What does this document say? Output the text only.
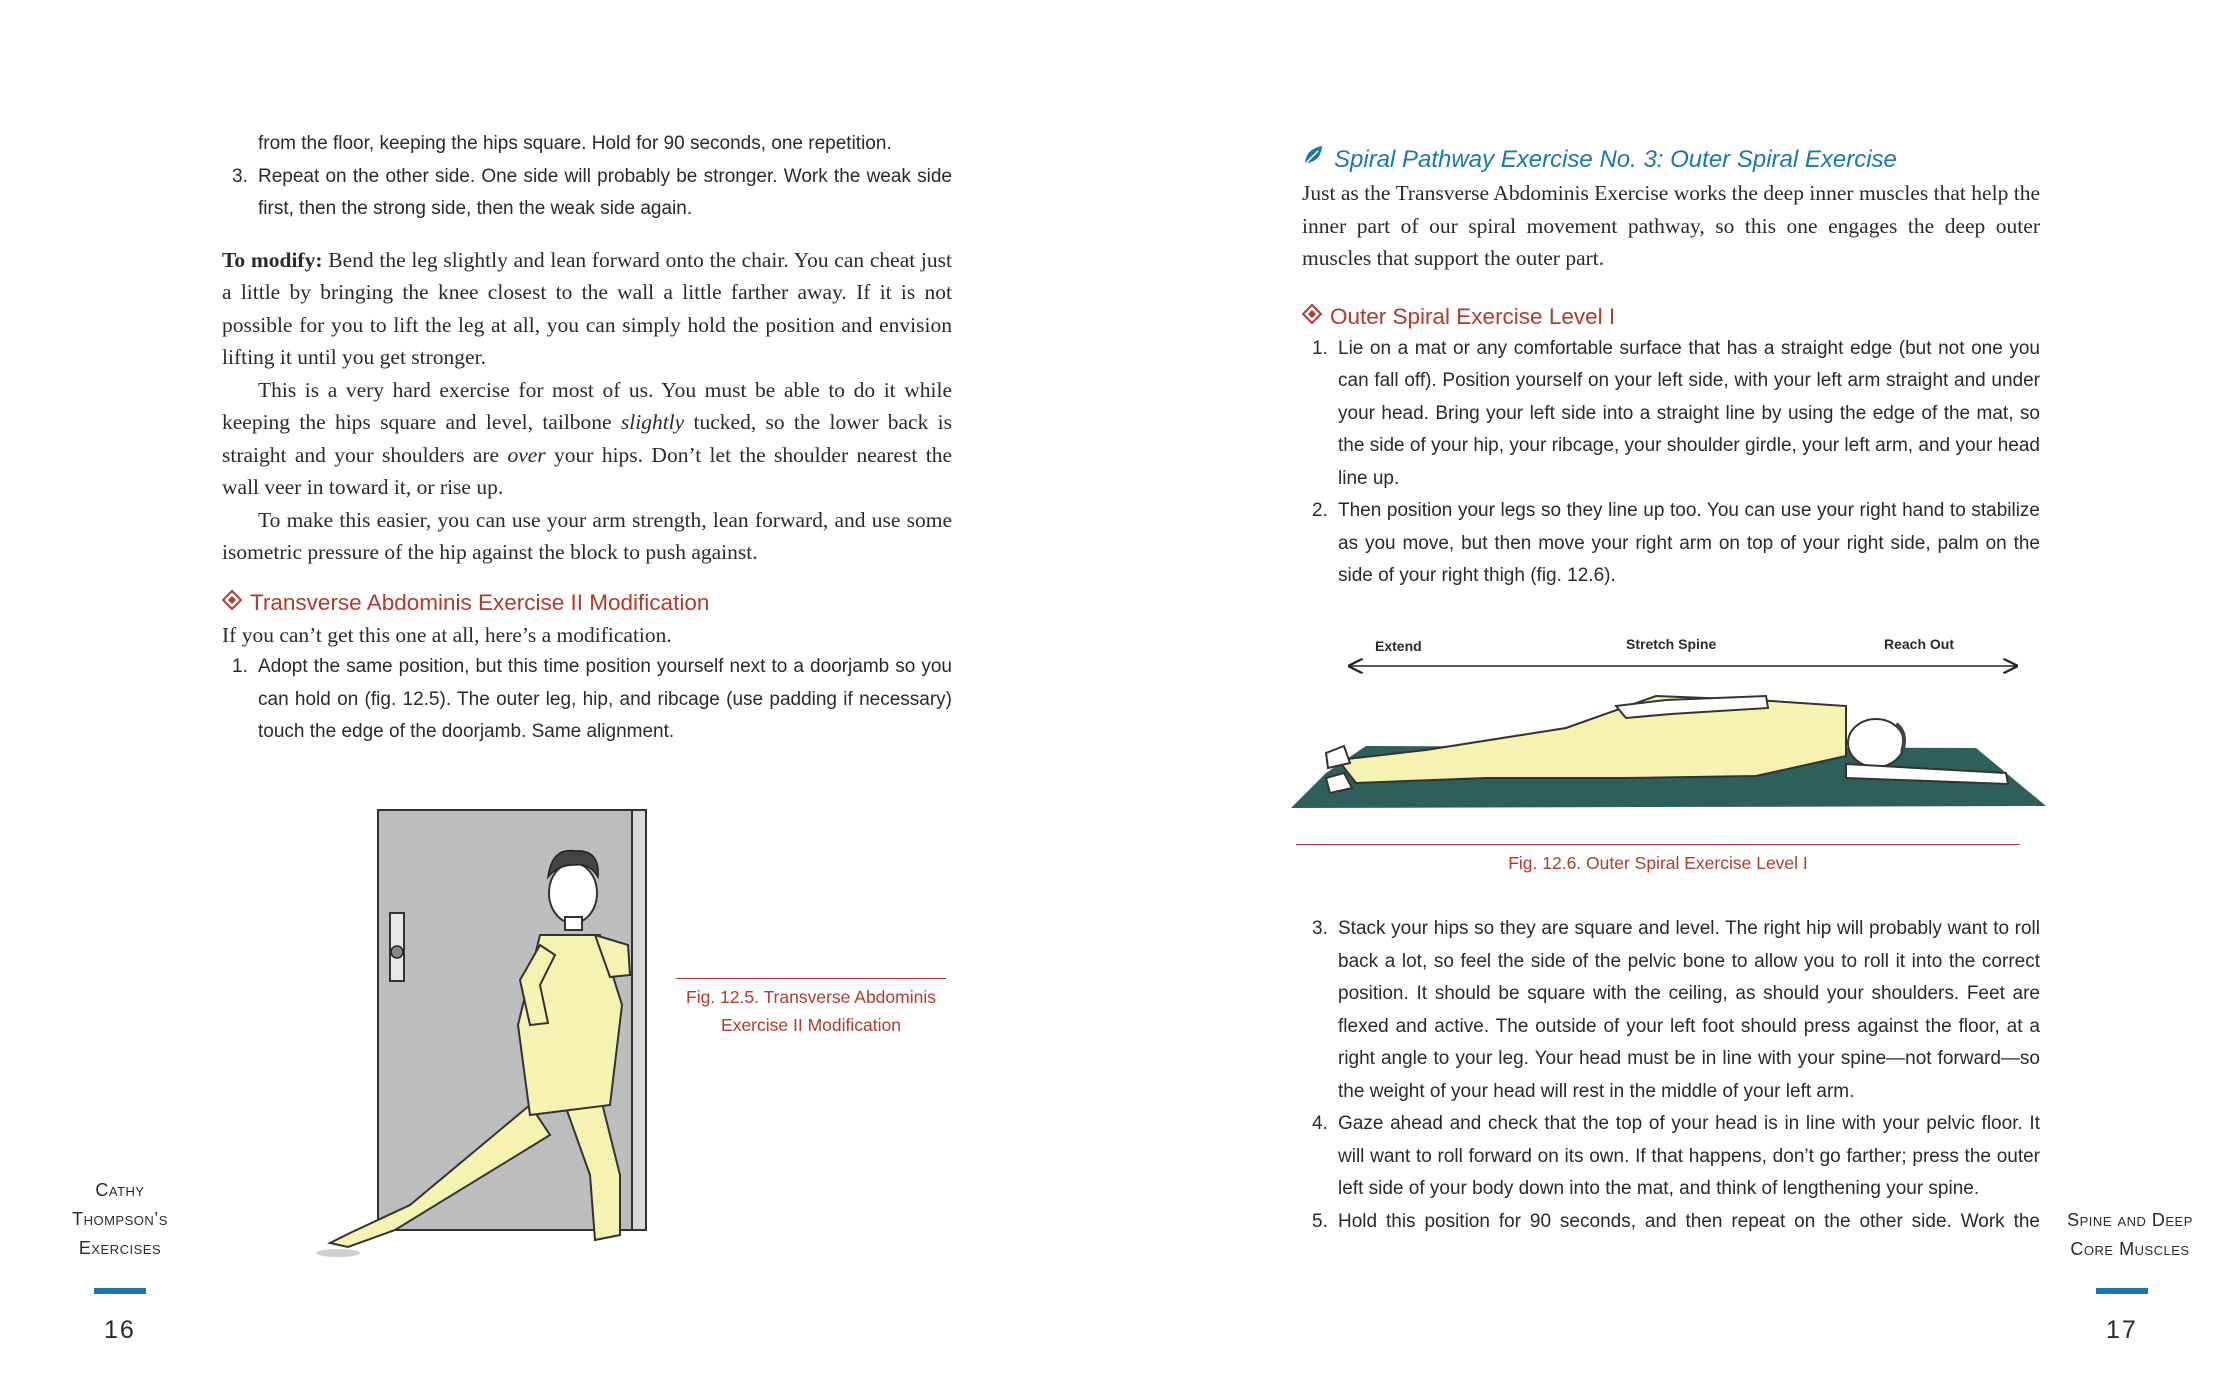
from the floor, keeping the hips square. Hold for 90 seconds, one repetition.
3. Repeat on the other side. One side will probably be stronger. Work the weak side first, then the strong side, then the weak side again.
To modify: Bend the leg slightly and lean forward onto the chair. You can cheat just a little by bringing the knee closest to the wall a little farther away. If it is not possible for you to lift the leg at all, you can simply hold the position and envision lifting it until you get stronger.
This is a very hard exercise for most of us. You must be able to do it while keeping the hips square and level, tailbone slightly tucked, so the lower back is straight and your shoulders are over your hips. Don’t let the shoulder nearest the wall veer in toward it, or rise up.
To make this easier, you can use your arm strength, lean forward, and use some isometric pressure of the hip against the block to push against.
Transverse Abdominis Exercise II Modification
If you can’t get this one at all, here’s a modification.
1. Adopt the same position, but this time position yourself next to a doorjamb so you can hold on (fig. 12.5). The outer leg, hip, and ribcage (use padding if necessary) touch the edge of the doorjamb. Same alignment.
Fig. 12.5. Transverse Abdominis
Exercise II Modification
Cathy
Thompson’s
Exercises
16
Spiral Pathway Exercise No. 3: Outer Spiral Exercise
Just as the Transverse Abdominis Exercise works the deep inner muscles that help the inner part of our spiral movement pathway, so this one engages the deep outer muscles that support the outer part.
Outer Spiral Exercise Level I
1. Lie on a mat or any comfortable surface that has a straight edge (but not one you can fall off). Position yourself on your left side, with your left arm straight and under your head. Bring your left side into a straight line by using the edge of the mat, so the side of your hip, your ribcage, your shoulder girdle, your left arm, and your head line up.
2. Then position your legs so they line up too. You can use your right hand to stabilize as you move, but then move your right arm on top of your right side, palm on the side of your right thigh (fig. 12.6).
Extend	Stretch Spine	Reach Out
Fig. 12.6. Outer Spiral Exercise Level I
3. Stack your hips so they are square and level. The right hip will probably want to roll back a lot, so feel the side of the pelvic bone to allow you to roll it into the correct position. It should be square with the ceiling, as should your shoulders. Feet are flexed and active. The outside of your left foot should press against the floor, at a right angle to your leg. Your head must be in line with your spine—not forward—so the weight of your head will rest in the middle of your left arm.
4. Gaze ahead and check that the top of your head is in line with your pelvic floor. It will want to roll forward on its own. If that happens, don’t go farther; press the outer left side of your body down into the mat, and think of lengthening your spine.
5. Hold this position for 90 seconds, and then repeat on the other side. Work the	Spine and Deep
Core Muscles
17
